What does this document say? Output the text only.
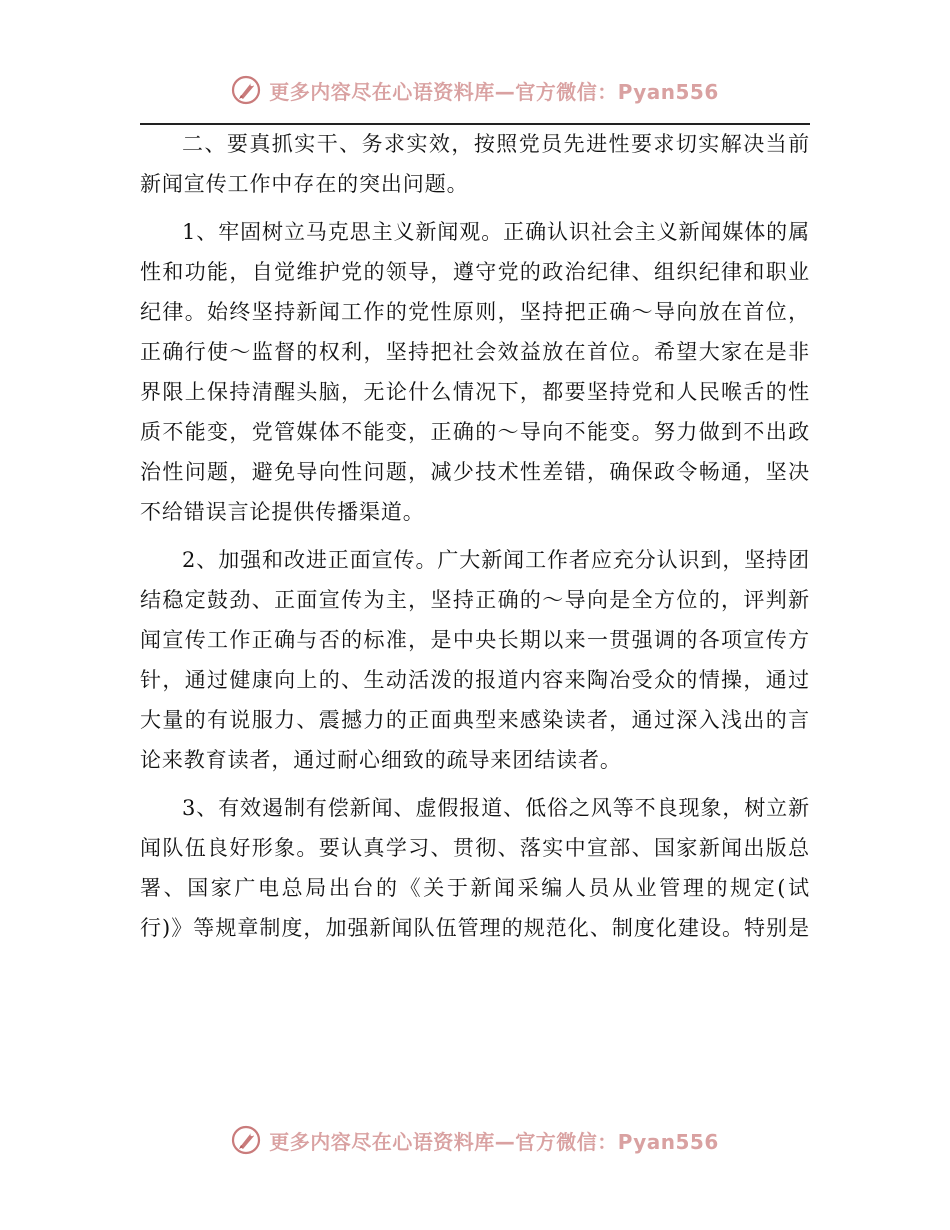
更多内容尽在心语资料库—官方微信：Pyan556

二、要真抓实干、务求实效，按照党员先进性要求切实解决当前
新闻宣传工作中存在的突出问题。

1、牢固树立马克思主义新闻观。正确认识社会主义新闻媒体的属
性和功能，自觉维护党的领导，遵守党的政治纪律、组织纪律和职业
纪律。始终坚持新闻工作的党性原则，坚持把正确～导向放在首位，
正确行使～监督的权利，坚持把社会效益放在首位。希望大家在是非
界限上保持清醒头脑，无论什么情况下，都要坚持党和人民喉舌的性
质不能变，党管媒体不能变，正确的～导向不能变。努力做到不出政
治性问题，避免导向性问题，减少技术性差错，确保政令畅通，坚决
不给错误言论提供传播渠道。

2、加强和改进正面宣传。广大新闻工作者应充分认识到，坚持团
结稳定鼓劲、正面宣传为主，坚持正确的～导向是全方位的，评判新
闻宣传工作正确与否的标准，是中央长期以来一贯强调的各项宣传方
针，通过健康向上的、生动活泼的报道内容来陶冶受众的情操，通过
大量的有说服力、震撼力的正面典型来感染读者，通过深入浅出的言
论来教育读者，通过耐心细致的疏导来团结读者。

3、有效遏制有偿新闻、虚假报道、低俗之风等不良现象，树立新
闻队伍良好形象。要认真学习、贯彻、落实中宣部、国家新闻出版总
署、国家广电总局出台的《关于新闻采编人员从业管理的规定(试
行)》等规章制度，加强新闻队伍管理的规范化、制度化建设。特别是

更多内容尽在心语资料库—官方微信：Pyan556
